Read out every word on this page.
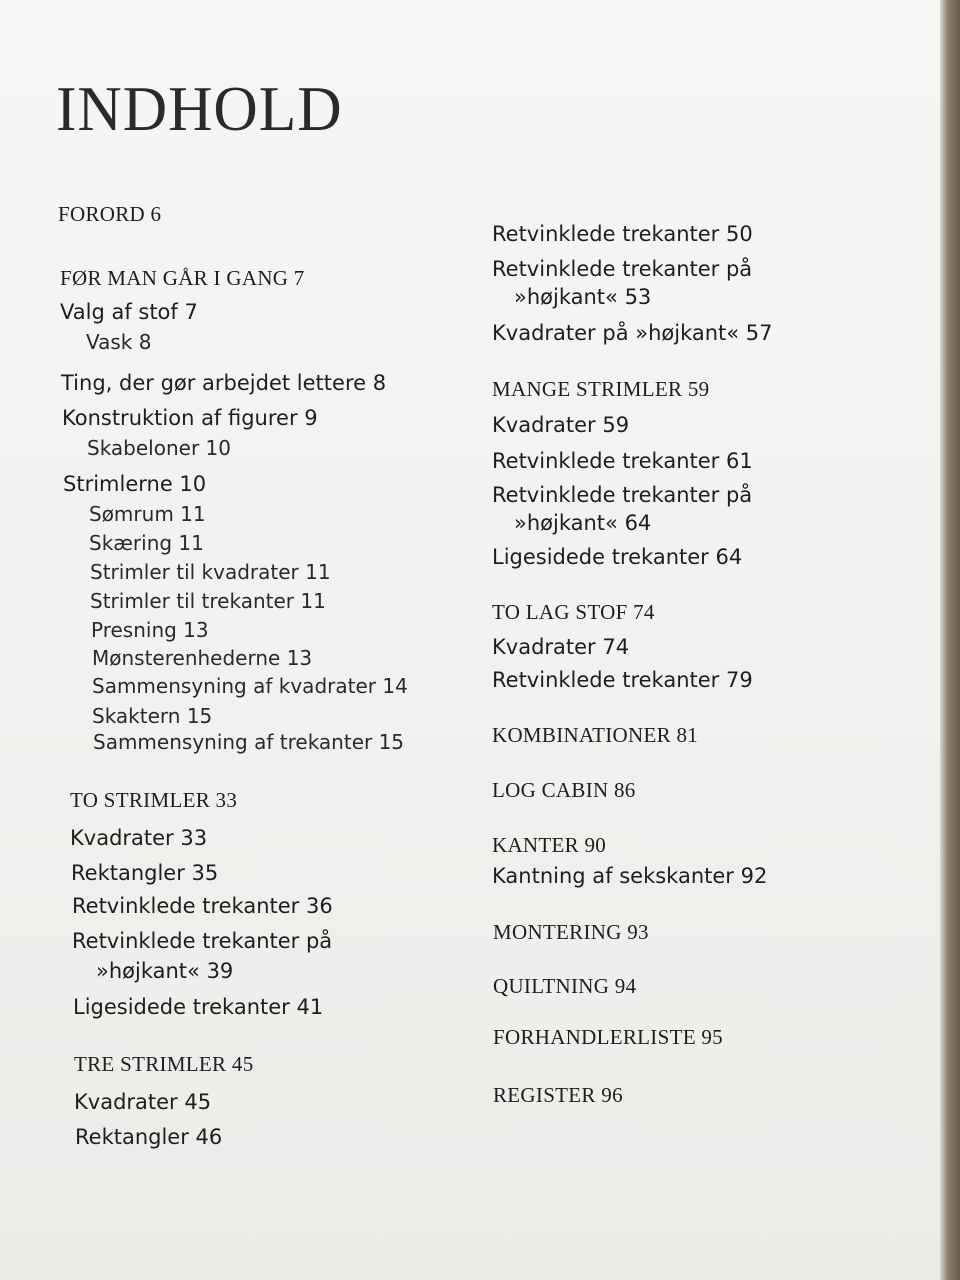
INDHOLD
FORORD 6
FØR MAN GÅR I GANG 7
Valg af stof 7
Vask 8
Ting, der gør arbejdet lettere 8
Konstruktion af figurer 9
Skabeloner 10
Strimlerne 10
Sømrum 11
Skæring 11
Strimler til kvadrater 11
Strimler til trekanter 11
Presning 13
Mønsterenhederne 13
Sammensyning af kvadrater 14
Skaktern 15
Sammensyning af trekanter 15
TO STRIMLER 33
Kvadrater 33
Rektangler 35
Retvinklede trekanter 36
Retvinklede trekanter på
»højkant« 39
Ligesidede trekanter 41
TRE STRIMLER 45
Kvadrater 45
Rektangler 46
Retvinklede trekanter 50
Retvinklede trekanter på
»højkant« 53
Kvadrater på »højkant« 57
MANGE STRIMLER 59
Kvadrater 59
Retvinklede trekanter 61
Retvinklede trekanter på
»højkant« 64
Ligesidede trekanter 64
TO LAG STOF 74
Kvadrater 74
Retvinklede trekanter 79
KOMBINATIONER 81
LOG CABIN 86
KANTER 90
Kantning af sekskanter 92
MONTERING 93
QUILTNING 94
FORHANDLERLISTE 95
REGISTER 96
